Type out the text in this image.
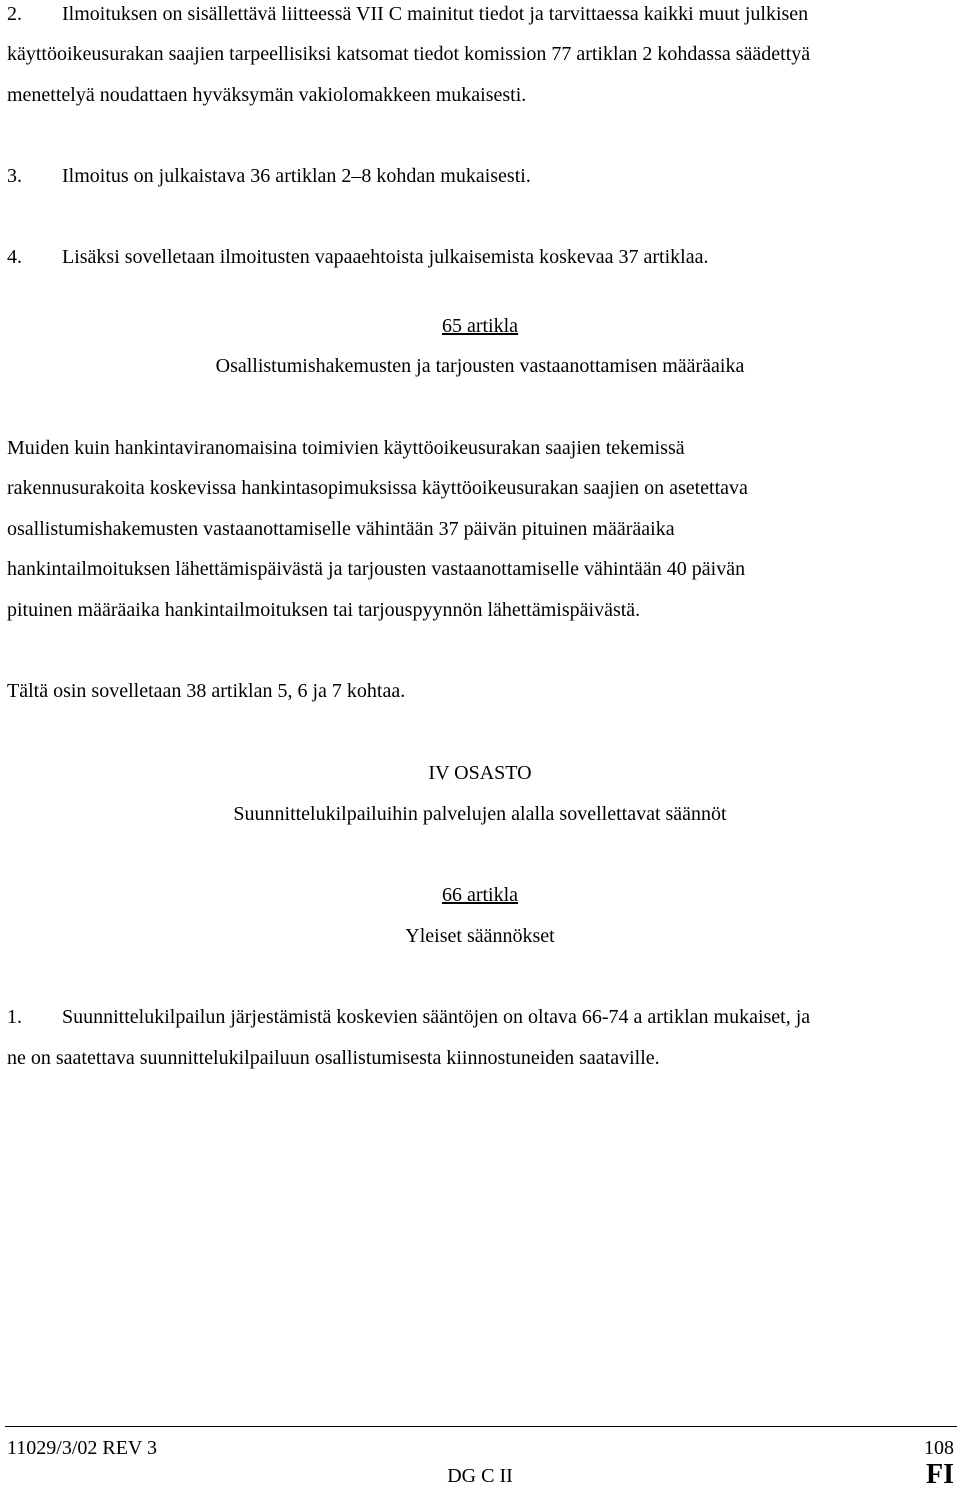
2. Ilmoituksen on sisällettävä liitteessä VII C mainitut tiedot ja tarvittaessa kaikki muut julkisen
käyttöoikeusurakan saajien tarpeellisiksi katsomat tiedot komission 77 artiklan 2 kohdassa säädettyä
menettelyä noudattaen hyväksymän vakiolomakkeen mukaisesti.
3. Ilmoitus on julkaistava 36 artiklan 2–8 kohdan mukaisesti.
4. Lisäksi sovelletaan ilmoitusten vapaaehtoista julkaisemista koskevaa 37 artiklaa.
65 artikla
Osallistumishakemusten ja tarjousten vastaanottamisen määräaika
Muiden kuin hankintaviranomaisina toimivien käyttöoikeusurakan saajien tekemissä
rakennusurakoita koskevissa hankintasopimuksissa käyttöoikeusurakan saajien on asetettava
osallistumishakemusten vastaanottamiselle vähintään 37 päivän pituinen määräaika
hankintailmoituksen lähettämispäivästä ja tarjousten vastaanottamiselle vähintään 40 päivän
pituinen määräaika hankintailmoituksen tai tarjouspyynnön lähettämispäivästä.
Tältä osin sovelletaan 38 artiklan 5, 6 ja 7 kohtaa.
IV OSASTO
Suunnittelukilpailuihin palvelujen alalla sovellettavat säännöt
66 artikla
Yleiset säännökset
1. Suunnittelukilpailun järjestämistä koskevien sääntöjen on oltava 66-74 a artiklan mukaiset, ja
ne on saatettava suunnittelukilpailuun osallistumisesta kiinnostuneiden saataville.
11029/3/02 REV 3	108
DG C II	FI
